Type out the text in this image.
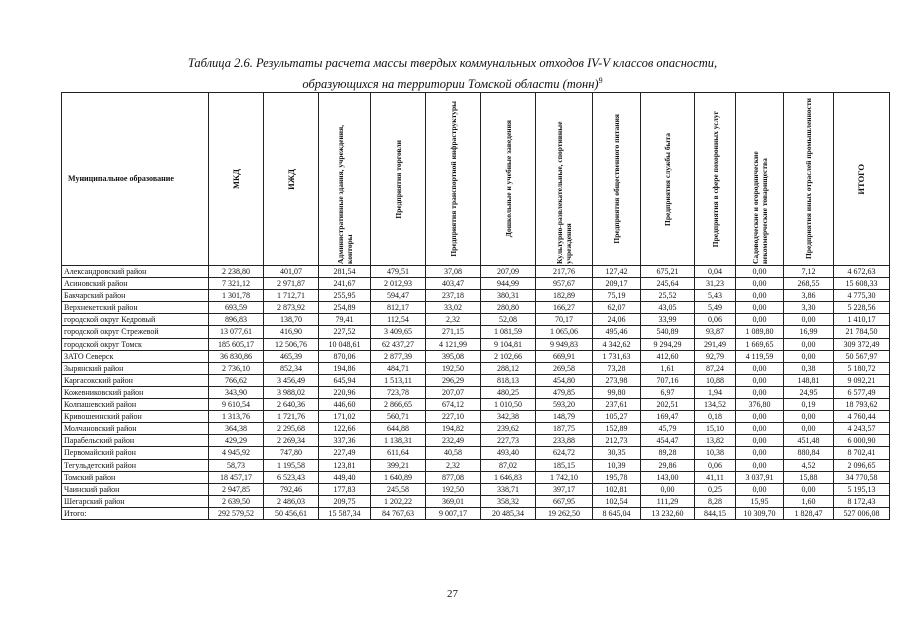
Таблица 2.6. Результаты расчета массы твердых коммунальных отходов IV-V классов опасности,
образующихся на территории Томской области (тонн)$^9$
Муниципальное образование	МКД	ИЖД	Административные здания, учреждения, конторы	Предприятия торговли	Предприятия транспортной инфраструктуры	Дошкольные и учебные заведения	Культурно-развлекательные, спортивные учреждения	Предприятия общественного питания	Предприятия службы быта	Предприятия в сфере похоронных услуг	Садоводческие и огороднические некоммерческие товарищества	Предприятия иных отраслей промышленности	ИТОГО

Александровский район	2 238,80	401,07	281,54	479,51	37,08	207,09	217,76	127,42	675,21	0,04	0,00	7,12	4 672,63
Асиновский район	7 321,12	2 971,87	241,67	2 012,93	403,47	944,99	957,67	209,17	245,64	31,23	0,00	268,55	15 608,33
Бакчарский район	1 301,78	1 712,71	255,95	594,47	237,18	380,31	182,89	75,19	25,52	5,43	0,00	3,86	4 775,30
Верхнекетский район	693,59	2 873,92	254,89	812,17	33,02	280,80	166,27	62,07	43,05	5,49	0,00	3,30	5 228,56
городской округ Кедровый	896,83	138,70	79,41	112,54	2,32	52,08	70,17	24,06	33,99	0,06	0,00	0,00	1 410,17
городской округ Стрежевой	13 077,61	416,90	227,52	3 409,65	271,15	1 081,59	1 065,06	495,46	540,89	93,87	1 089,80	16,99	21 784,50
городской округ Томск	185 605,17	12 506,76	10 048,61	62 437,27	4 121,99	9 104,81	9 949,83	4 342,62	9 294,29	291,49	1 669,65	0,00	309 372,49
ЗАТО Северск	36 830,86	465,39	870,06	2 877,39	395,08	2 102,66	669,91	1 731,63	412,60	92,79	4 119,59	0,00	50 567,97
Зырянский район	2 736,10	852,34	194,86	484,71	192,50	288,12	269,58	73,28	1,61	87,24	0,00	0,38	5 180,72
Каргасокский район	766,62	3 456,49	645,94	1 513,11	296,29	818,13	454,80	273,98	707,16	10,88	0,00	148,81	9 092,21
Кожевниковский район	343,90	3 988,02	220,96	723,78	207,07	480,25	479,85	99,80	6,97	1,94	0,00	24,95	6 577,49
Колпашевский район	9 610,54	2 640,36	446,60	2 866,65	674,12	1 010,50	593,20	237,61	202,51	134,52	376,80	0,19	18 793,62
Кривошеинский район	1 313,76	1 721,76	171,02	560,71	227,10	342,38	148,79	105,27	169,47	0,18	0,00	0,00	4 760,44
Молчановский район	364,38	2 295,68	122,66	644,88	194,82	239,62	187,75	152,89	45,79	15,10	0,00	0,00	4 243,57
Парабельский район	429,29	2 269,34	337,36	1 138,31	232,49	227,73	233,88	212,73	454,47	13,82	0,00	451,48	6 000,90
Первомайский район	4 945,92	747,80	227,49	611,64	40,58	493,40	624,72	30,35	89,28	10,38	0,00	880,84	8 702,41
Тегульдетский район	58,73	1 195,58	123,81	399,21	2,32	87,02	185,15	10,39	29,86	0,06	0,00	4,52	2 096,65
Томский район	18 457,17	6 523,43	449,40	1 640,89	877,08	1 646,83	1 742,10	195,78	143,00	41,11	3 037,91	15,88	34 770,58
Чаинский район	2 947,85	792,46	177,83	245,58	192,50	338,71	397,17	102,81	0,00	0,25	0,00	0,00	5 195,13
Шегарский район	2 639,50	2 486,03	209,75	1 202,22	369,01	358,32	667,95	102,54	111,29	8,28	15,95	1,60	8 172,43
Итого:	292 579,52	50 456,61	15 587,34	84 767,63	9 007,17	20 485,34	19 262,50	8 645,04	13 232,60	844,15	10 309,70	1 828,47	527 006,08
27
